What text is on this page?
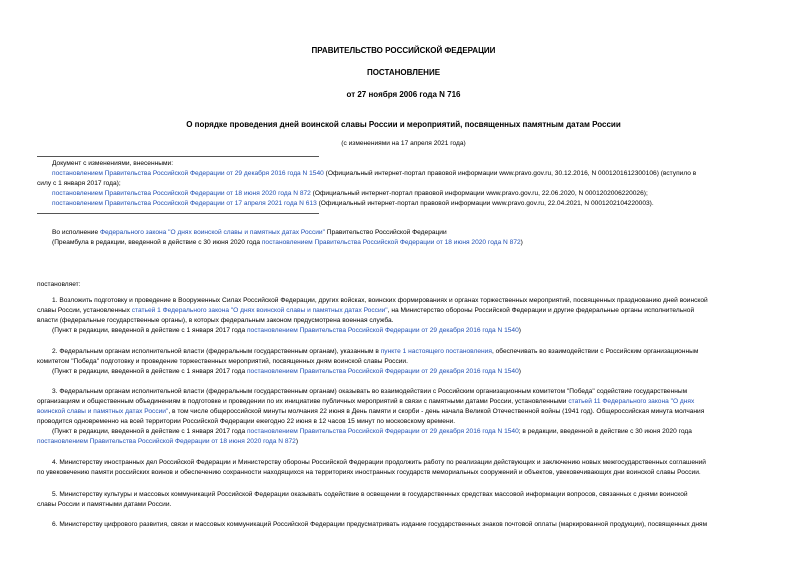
ПРАВИТЕЛЬСТВО РОССИЙСКОЙ ФЕДЕРАЦИИ
ПОСТАНОВЛЕНИЕ
от 27 ноября 2006 года N 716
О порядке проведения дней воинской славы России и мероприятий, посвященных памятным датам России
(с изменениями на 17 апреля 2021 года)
Документ с изменениями, внесенными:
постановлением Правительства Российской Федерации от 29 декабря 2016 года N 1540 (Официальный интернет-портал правовой информации www.pravo.gov.ru, 30.12.2016, N 0001201612300106) (вступило в
силу с 1 января 2017 года);
постановлением Правительства Российской Федерации от 18 июня 2020 года N 872 (Официальный интернет-портал правовой информации www.pravo.gov.ru, 22.06.2020, N 0001202006220026);
постановлением Правительства Российской Федерации от 17 апреля 2021 года N 613 (Официальный интернет-портал правовой информации www.pravo.gov.ru, 22.04.2021, N 0001202104220003).
Во исполнение Федерального закона "О днях воинской славы и памятных датах России" Правительство Российской Федерации
(Преамбула в редакции, введенной в действие с 30 июня 2020 года постановлением Правительства Российской Федерации от 18 июня 2020 года N 872)
постановляет:
1. Возложить подготовку и проведение в Вооруженных Силах Российской Федерации, других войсках, воинских формированиях и органах торжественных мероприятий, посвященных празднованию дней воинской
славы России, установленных статьей 1 Федерального закона "О днях воинской славы и памятных датах России", на Министерство обороны Российской Федерации и другие федеральные органы исполнительной
власти (федеральные государственные органы), в которых федеральным законом предусмотрена военная служба.
(Пункт в редакции, введенной в действие с 1 января 2017 года постановлением Правительства Российской Федерации от 29 декабря 2016 года N 1540)
2. Федеральным органам исполнительной власти (федеральным государственным органам), указанным в пункте 1 настоящего постановления, обеспечивать во взаимодействии с Российским организационным
комитетом "Победа" подготовку и проведение торжественных мероприятий, посвященных дням воинской славы России.
(Пункт в редакции, введенной в действие с 1 января 2017 года постановлением Правительства Российской Федерации от 29 декабря 2016 года N 1540)
3. Федеральным органам исполнительной власти (федеральным государственным органам) оказывать во взаимодействии с Российским организационным комитетом "Победа" содействие государственным
организациям и общественным объединениям в подготовке и проведении по их инициативе публичных мероприятий в связи с памятными датами России, установленными статьей 11 Федерального закона "О днях
воинской славы и памятных датах России", в том числе общероссийской минуты молчания 22 июня в День памяти и скорби - день начала Великой Отечественной войны (1941 год). Общероссийская минута молчания
проводится одновременно на всей территории Российской Федерации ежегодно 22 июня в 12 часов 15 минут по московскому времени.
(Пункт в редакции, введенной в действие с 1 января 2017 года постановлением Правительства Российской Федерации от 29 декабря 2016 года N 1540; в редакции, введенной в действие с 30 июня 2020 года
постановлением Правительства Российской Федерации от 18 июня 2020 года N 872)
4. Министерству иностранных дел Российской Федерации и Министерству обороны Российской Федерации продолжить работу по реализации действующих и заключению новых межгосударственных соглашений
по увековечению памяти российских воинов и обеспечению сохранности находящихся на территориях иностранных государств мемориальных сооружений и объектов, увековечивающих дни воинской славы России.
5. Министерству культуры и массовых коммуникаций Российской Федерации оказывать содействие в освещении в государственных средствах массовой информации вопросов, связанных с днями воинской
славы России и памятными датами России.
6. Министерству цифрового развития, связи и массовых коммуникаций Российской Федерации предусматривать издание государственных знаков почтовой оплаты (маркированной продукции), посвященных дням
